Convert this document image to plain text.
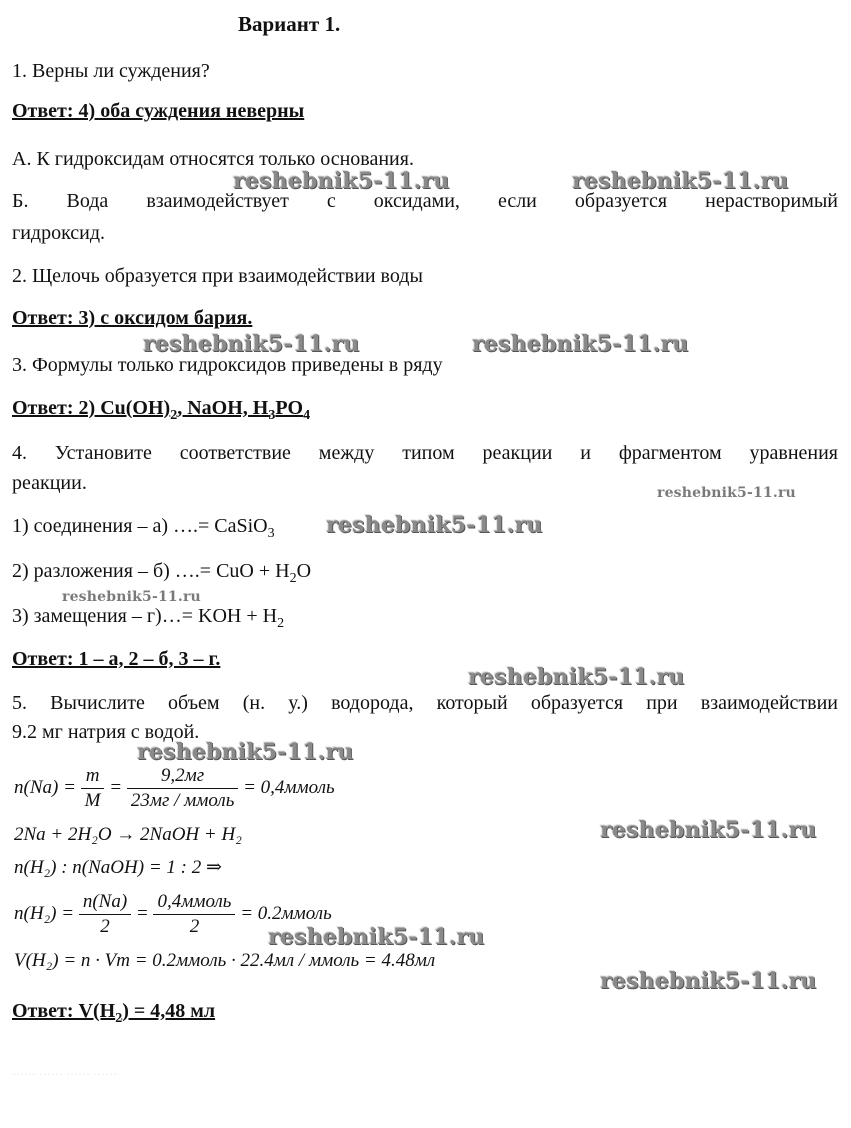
Вариант 1.
1. Верны ли суждения?
Ответ: 4) оба суждения неверны
А. К гидроксидам относятся только основания.
Б. Вода взаимодействует с оксидами, если образуется нерастворимый
гидроксид.
2. Щелочь образуется при взаимодействии воды
Ответ: 3) с оксидом бария.
3. Формулы только гидроксидов приведены в ряду
Ответ: 2) $Cu(OH)_2$, NaOH, $H_3PO_4$
4. Установите соответствие между типом реакции и фрагментом уравнения
реакции.
1) соединения – а) ….= CaSiO$_3$
2) разложения – б) ….= CuO + $H_2O$
3) замещения – г)…= KOH + $H_2$
Ответ: 1 – а, 2 – б, 3 – г.
5. Вычислите объем (н. у.) водорода, который образуется при взаимодействии
9.2 мг натрия с водой.
$n(Na) = \frac{m}{M} = \frac{9,2мг}{\text{23мг / ммоль}}$ = 0,4ммоль
2Na + 2H₂O → 2NaOH + H₂
n(H₂) : n(NaOH) = 1 : 2 ⇒
$n(H_2) = \frac{n(Na)}{2} = \frac{\text{0,4ммоль}}{2}$ = 0.2ммоль
V(H₂) = n · Vm = 0.2ммоль · 22.4мл / ммоль = 4.48мл
Ответ: $V(H_2) = 4,48$ мл
…… …… …… ……
reshebnik5-11.ru	reshebnik5-11.ru
reshebnik5-11.ru	reshebnik5-11.ru
reshebnik5-11.ru
reshebnik5-11.ru
reshebnik5-11.ru
reshebnik5-11.ru
reshebnik5-11.ru
reshebnik5-11.ru
reshebnik5-11.ru
reshebnik5-11.ru
